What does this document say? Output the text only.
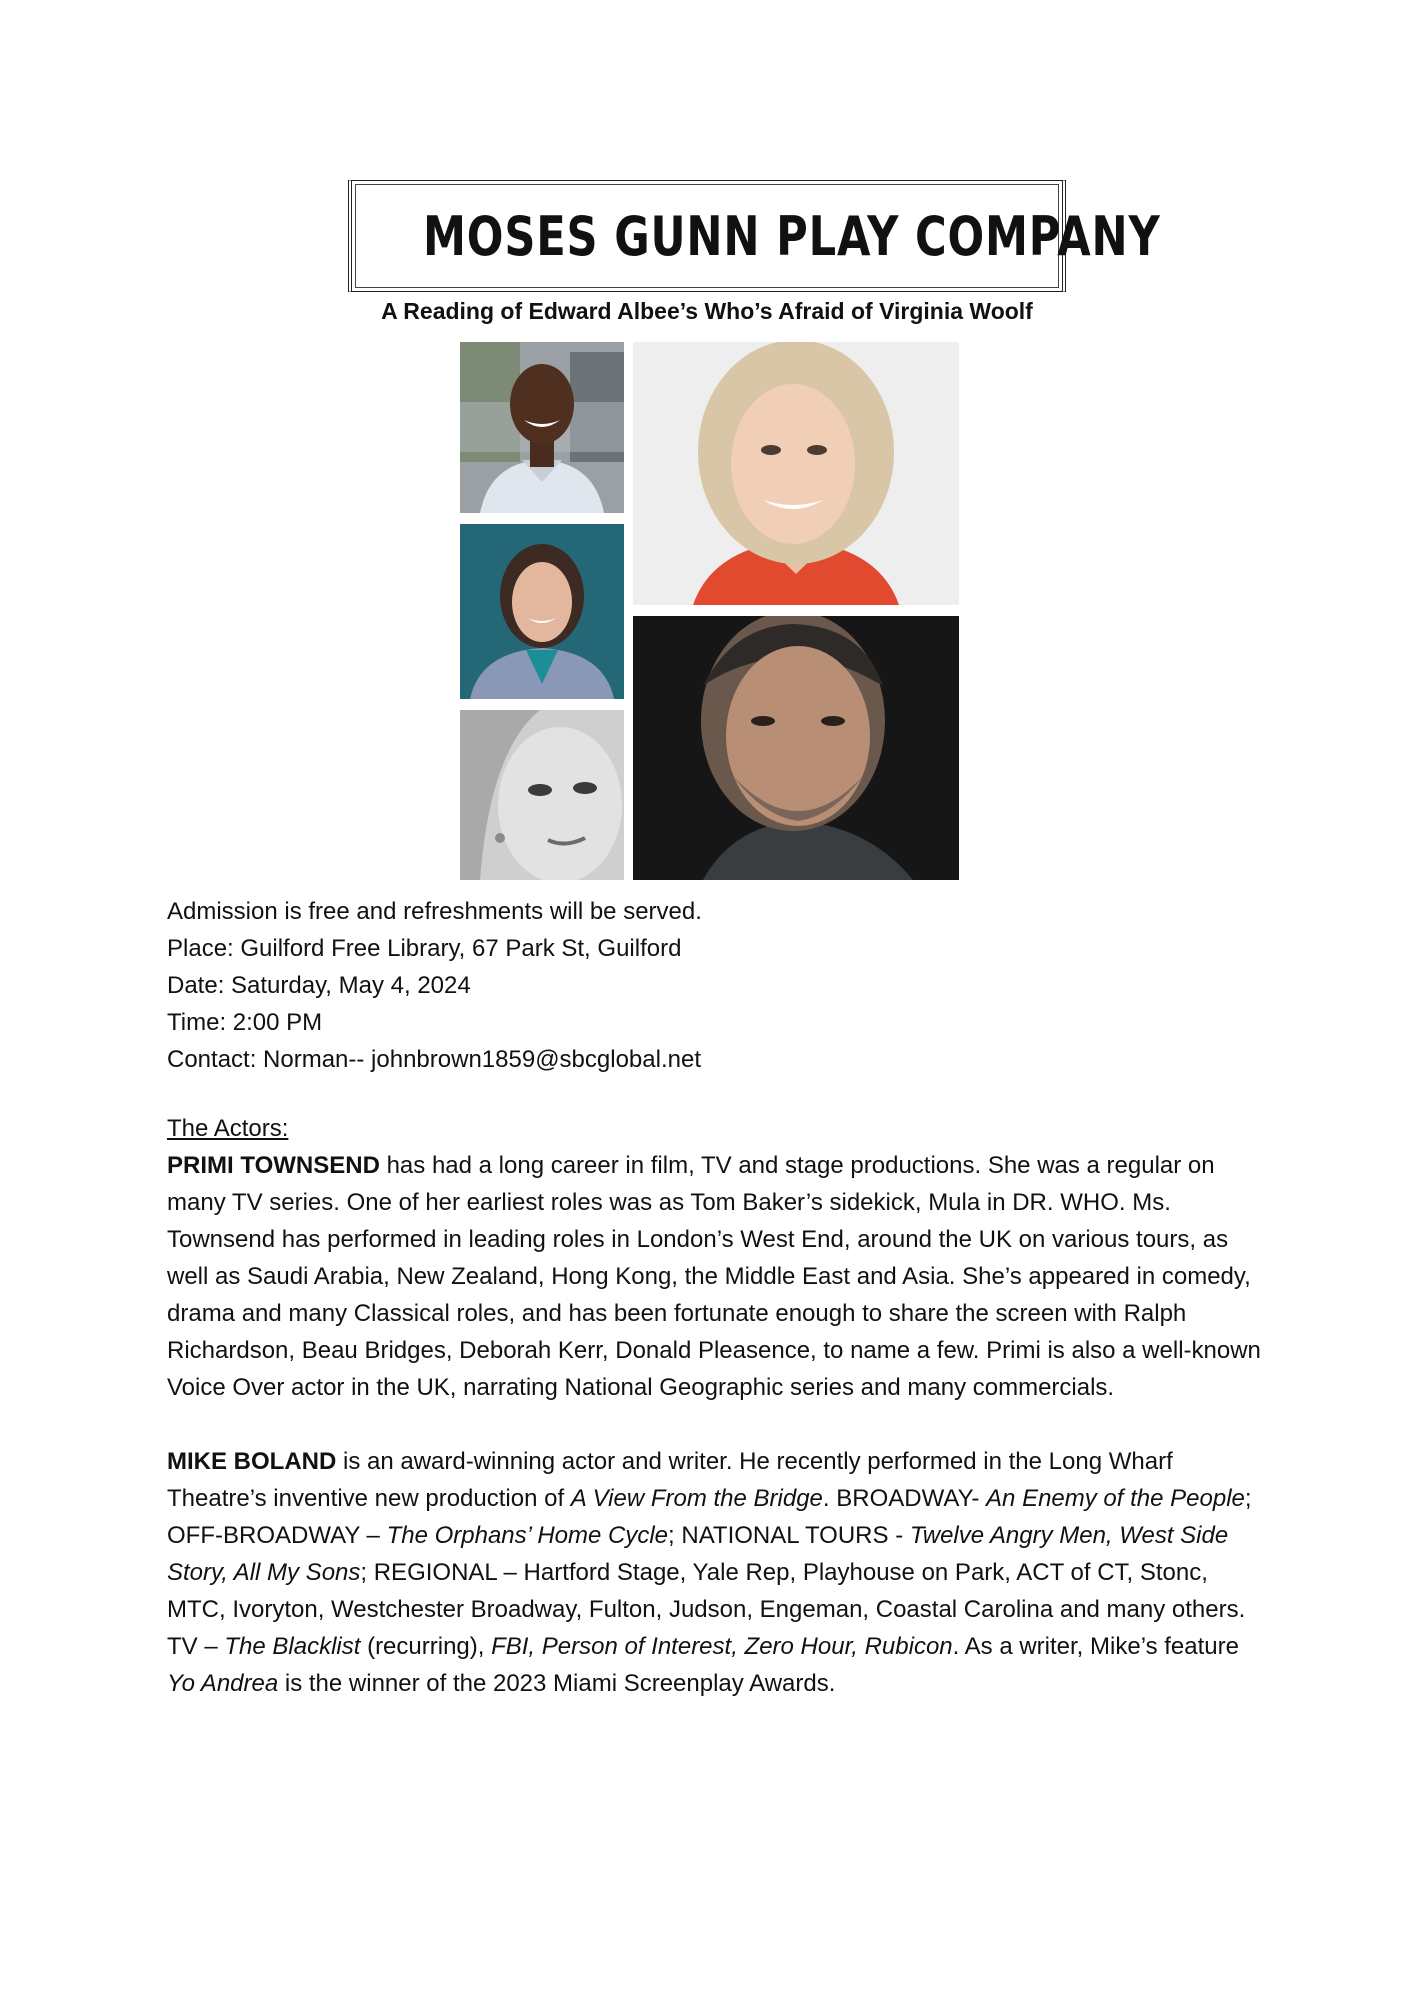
MOSES GUNN PLAY COMPANY
A Reading of Edward Albee’s Who’s Afraid of Virginia Woolf
Admission is free and refreshments will be served.
Place: Guilford Free Library, 67 Park St, Guilford
Date: Saturday, May 4, 2024
Time: 2:00 PM
Contact: Norman-- johnbrown1859@sbcglobal.net
The Actors:

PRIMI TOWNSEND has had a long career in film, TV and stage productions. She was a regular on many TV series. One of her earliest roles was as Tom Baker’s sidekick, Mula in DR. WHO. Ms. Townsend has performed in leading roles in London’s West End, around the UK on various tours, as well as Saudi Arabia, New Zealand, Hong Kong, the Middle East and Asia. She’s appeared in comedy, drama and many Classical roles, and has been fortunate enough to share the screen with Ralph Richardson, Beau Bridges, Deborah Kerr, Donald Pleasence, to name a few. Primi is also a well-known Voice Over actor in the UK, narrating National Geographic series and many commercials.

MIKE BOLAND is an award-winning actor and writer. He recently performed in the Long Wharf Theatre’s inventive new production of A View From the Bridge. BROADWAY- An Enemy of the People; OFF-BROADWAY – The Orphans’ Home Cycle; NATIONAL TOURS - Twelve Angry Men, West Side Story, All My Sons; REGIONAL – Hartford Stage, Yale Rep, Playhouse on Park, ACT of CT, Stonc, MTC, Ivoryton, Westchester Broadway, Fulton, Judson, Engeman, Coastal Carolina and many others. TV – The Blacklist (recurring), FBI, Person of Interest, Zero Hour, Rubicon. As a writer, Mike’s feature Yo Andrea is the winner of the 2023 Miami Screenplay Awards.
